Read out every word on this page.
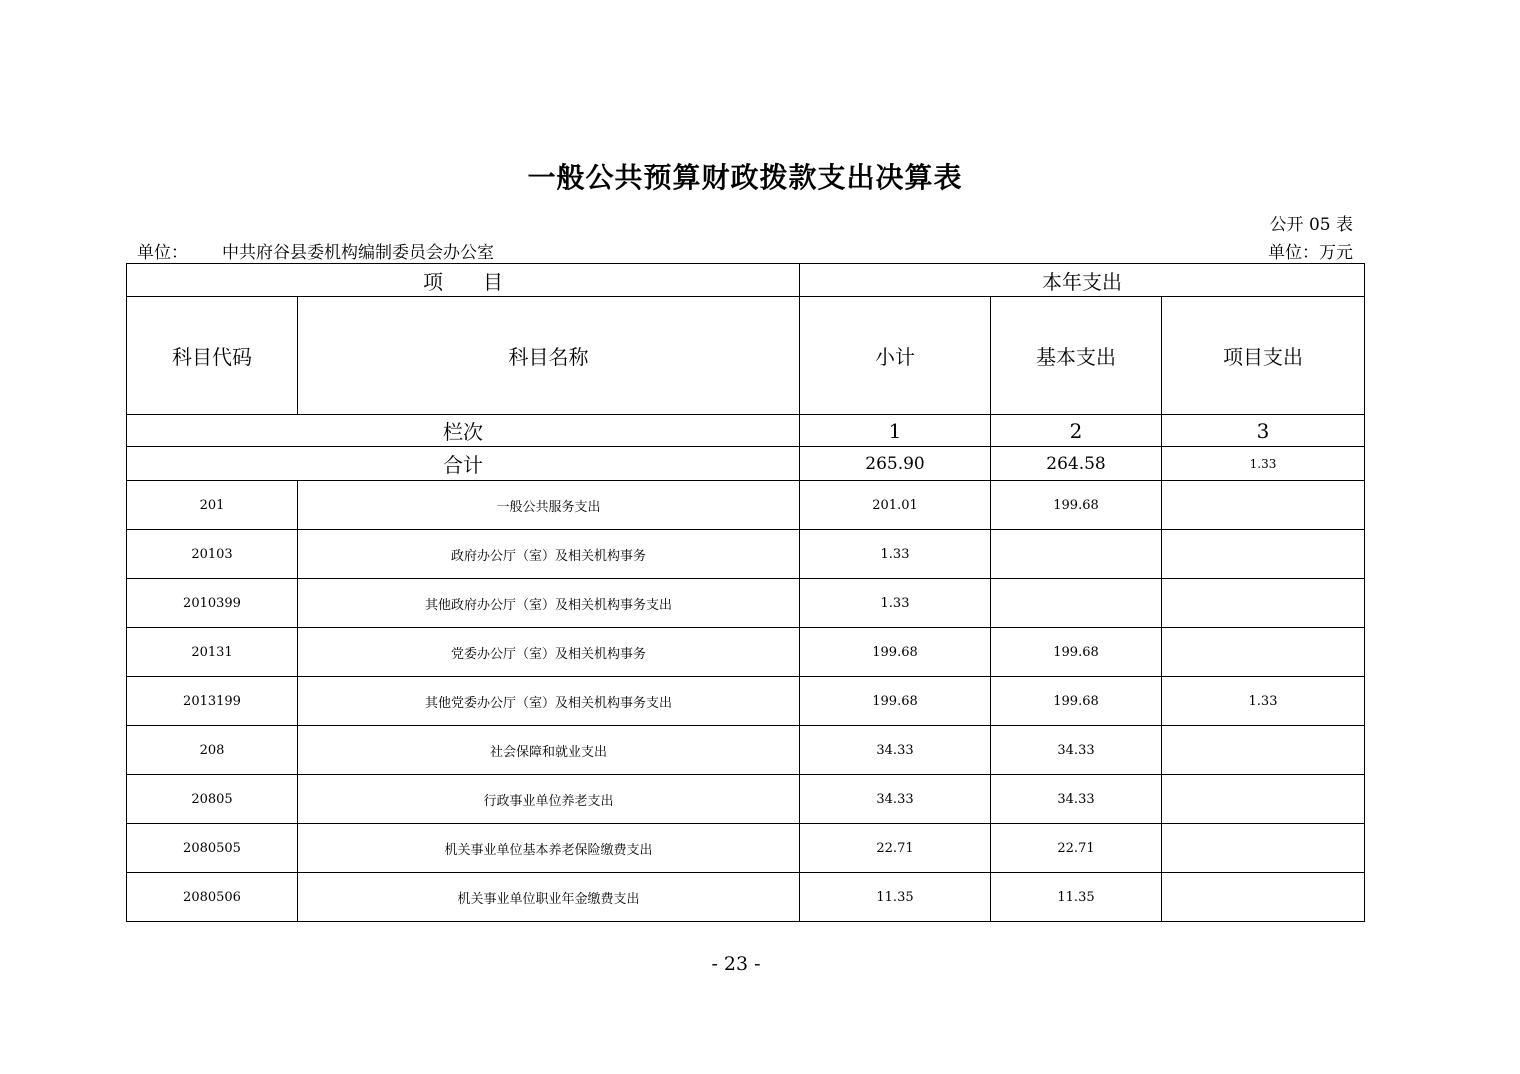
一般公共预算财政拨款支出决算表
公开 05 表
单位： 中共府谷县委机构编制委员会办公室	单位：万元
项　　目		本年支出		
科目代码	科目名称	小计	基本支出	项目支出
栏次		1	2	3
合计		265.90	264.58	1.33
201	一般公共服务支出	201.01	199.68	
20103	政府办公厅（室）及相关机构事务	1.33		
2010399	其他政府办公厅（室）及相关机构事务支出	1.33		
20131	党委办公厅（室）及相关机构事务	199.68	199.68	
2013199	其他党委办公厅（室）及相关机构事务支出	199.68	199.68	1.33
208	社会保障和就业支出	34.33	34.33	
20805	行政事业单位养老支出	34.33	34.33	
2080505	机关事业单位基本养老保险缴费支出	22.71	22.71	
2080506	机关事业单位职业年金缴费支出	11.35	11.35	
- 23 -
